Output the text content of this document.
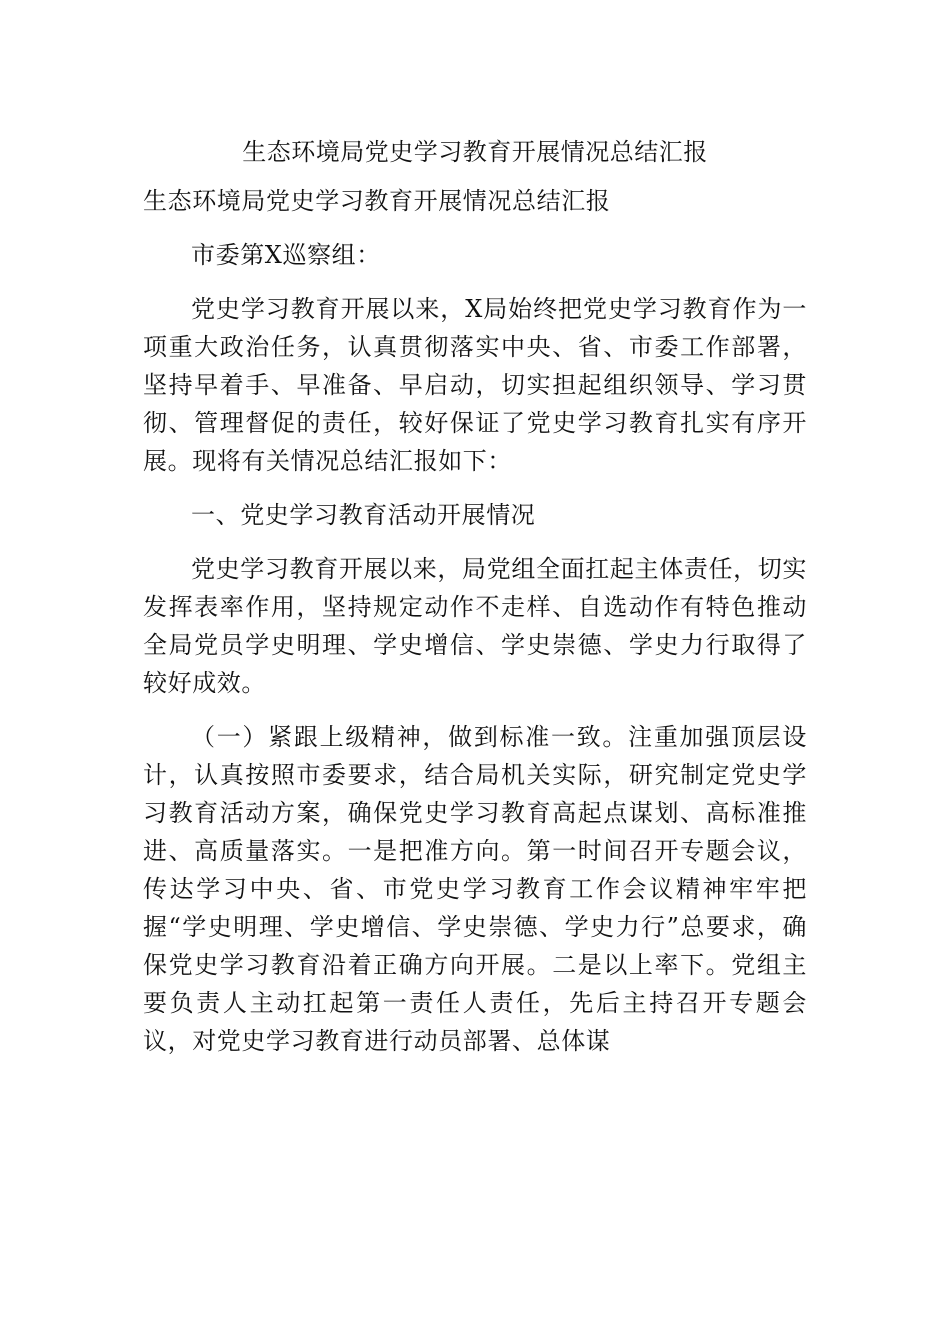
生态环境局党史学习教育开展情况总结汇报

生态环境局党史学习教育开展情况总结汇报

市委第X巡察组：

党史学习教育开展以来，X局始终把党史学习教育作为一项重大政治任务，认真贯彻落实中央、省、市委工作部署，坚持早着手、早准备、早启动，切实担起组织领导、学习贯彻、管理督促的责任，较好保证了党史学习教育扎实有序开展。现将有关情况总结汇报如下：

一、党史学习教育活动开展情况

党史学习教育开展以来，局党组全面扛起主体责任，切实发挥表率作用，坚持规定动作不走样、自选动作有特色推动全局党员学史明理、学史增信、学史崇德、学史力行取得了较好成效。

（一）紧跟上级精神，做到标准一致。注重加强顶层设计，认真按照市委要求，结合局机关实际，研究制定党史学习教育活动方案，确保党史学习教育高起点谋划、高标准推进、高质量落实。一是把准方向。第一时间召开专题会议，传达学习中央、省、市党史学习教育工作会议精神牢牢把握“学史明理、学史增信、学史崇德、学史力行”总要求，确保党史学习教育沿着正确方向开展。二是以上率下。党组主要负责人主动扛起第一责任人责任，先后主持召开专题会议，对党史学习教育进行动员部署、总体谋
